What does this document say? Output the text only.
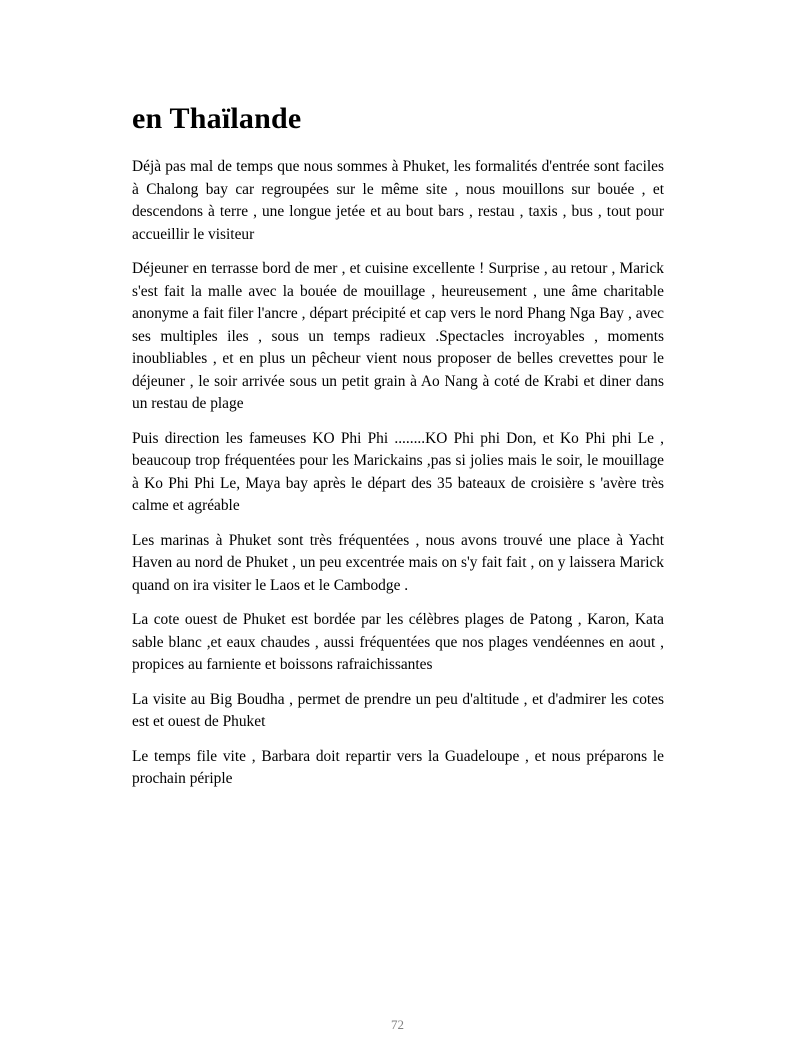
en Thaïlande

Déjà pas mal de temps que nous sommes à Phuket, les formalités d'entrée sont faciles à Chalong bay car regroupées sur le même site , nous mouillons sur bouée , et descendons à terre , une longue jetée et au bout bars , restau , taxis , bus , tout pour accueillir le visiteur

Déjeuner en terrasse bord de mer , et cuisine excellente ! Surprise , au retour , Marick s'est fait la malle avec la bouée de mouillage , heureusement , une âme charitable anonyme a fait filer l'ancre , départ précipité et cap vers le nord Phang Nga Bay , avec ses multiples iles , sous un temps radieux .Spectacles incroyables , moments inoubliables , et en plus un pêcheur vient nous proposer de belles crevettes pour le déjeuner , le soir arrivée sous un petit grain à Ao Nang à coté de Krabi et diner dans un restau de plage

Puis direction les fameuses KO Phi Phi ........KO Phi phi Don, et Ko Phi phi Le , beaucoup trop fréquentées pour les Marickains ,pas si jolies mais le soir, le mouillage à Ko Phi Phi Le, Maya bay après le départ des 35 bateaux de croisière s 'avère très calme et agréable

Les marinas à Phuket sont très fréquentées , nous avons trouvé une place à Yacht Haven au nord de Phuket , un peu excentrée mais on s'y fait fait , on y laissera Marick quand on ira visiter le Laos et le Cambodge .

La cote ouest de Phuket est bordée par les célèbres plages de Patong , Karon, Kata sable blanc ,et eaux chaudes , aussi fréquentées que nos plages vendéennes en aout , propices au farniente et boissons rafraichissantes

La visite au Big Boudha , permet de prendre un peu d'altitude , et d'admirer les cotes est et ouest de Phuket

Le temps file vite , Barbara doit repartir vers la Guadeloupe , et nous préparons le prochain périple

72
